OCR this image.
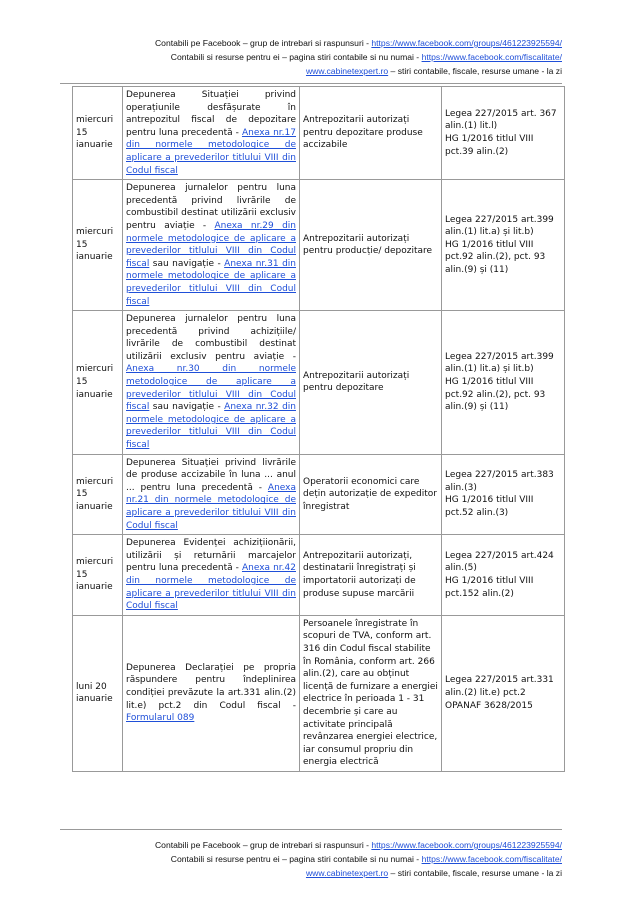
Contabili pe Facebook – grup de intrebari si raspunsuri - https://www.facebook.com/groups/461223925594/
Contabili si resurse pentru ei – pagina stiri contabile si nu numai - https://www.facebook.com/fiscalitate/
www.cabinetexpert.ro – stiri contabile, fiscale, resurse umane - la zi
miercuri 15 ianuarie	Depunerea Situației privind operațiunile desfășurate în antrepozitul fiscal de depozitare pentru luna precedentă - Anexa nr.17 din normele metodologice de aplicare a prevederilor titlului VIII din Codul fiscal	Antrepozitarii autorizați pentru depozitare produse accizabile	Legea 227/2015 art. 367 alin.(1) lit.l)
HG 1/2016 titlul VIII pct.39 alin.(2)
miercuri 15 ianuarie	Depunerea jurnalelor pentru luna precedentă privind livrările de combustibil destinat utilizării exclusiv pentru aviație - Anexa nr.29 din normele metodologice de aplicare a prevederilor titlului VIII din Codul fiscal sau navigație - Anexa nr.31 din normele metodologice de aplicare a prevederilor titlului VIII din Codul fiscal	Antrepozitarii autorizați pentru producție/ depozitare	Legea 227/2015 art.399 alin.(1) lit.a) și lit.b)
HG 1/2016 titlul VIII pct.92 alin.(2), pct. 93 alin.(9) și (11)
miercuri 15 ianuarie	Depunerea jurnalelor pentru luna precedentă privind achizițiile/ livrările de combustibil destinat utilizării exclusiv pentru aviație - Anexa nr.30 din normele metodologice de aplicare a prevederilor titlului VIII din Codul fiscal sau navigație - Anexa nr.32 din normele metodologice de aplicare a prevederilor titlului VIII din Codul fiscal	Antrepozitarii autorizați pentru depozitare	Legea 227/2015 art.399 alin.(1) lit.a) și lit.b)
HG 1/2016 titlul VIII pct.92 alin.(2), pct. 93 alin.(9) și (11)
miercuri 15 ianuarie	Depunerea Situației privind livrările de produse accizabile în luna ... anul ... pentru luna precedentă - Anexa nr.21 din normele metodologice de aplicare a prevederilor titlului VIII din Codul fiscal	Operatorii economici care dețin autorizație de expeditor înregistrat	Legea 227/2015 art.383 alin.(3)
HG 1/2016 titlul VIII pct.52 alin.(3)
miercuri 15 ianuarie	Depunerea Evidenței achizițiionării, utilizării și returnării marcajelor pentru luna precedentă - Anexa nr.42 din normele metodologice de aplicare a prevederilor titlului VIII din Codul fiscal	Antrepozitarii autorizați, destinatarii înregistrați și importatorii autorizați de produse supuse marcării	Legea 227/2015 art.424 alin.(5)
HG 1/2016 titlul VIII pct.152 alin.(2)
luni 20 ianuarie	Depunerea Declarației pe propria răspundere pentru îndeplinirea condiției prevăzute la art.331 alin.(2) lit.e) pct.2 din Codul fiscal - Formularul 089	Persoanele înregistrate în scopuri de TVA, conform art. 316 din Codul fiscal stabilite în România, conform art. 266 alin.(2), care au obținut licență de furnizare a energiei electrice în perioada 1 - 31 decembrie și care au activitate principală revânzarea energiei electrice, iar consumul propriu din energia electrică	Legea 227/2015 art.331 alin.(2) lit.e) pct.2
OPANAF 3628/2015
Contabili pe Facebook – grup de intrebari si raspunsuri - https://www.facebook.com/groups/461223925594/
Contabili si resurse pentru ei – pagina stiri contabile si nu numai - https://www.facebook.com/fiscalitate/
www.cabinetexpert.ro – stiri contabile, fiscale, resurse umane - la zi
